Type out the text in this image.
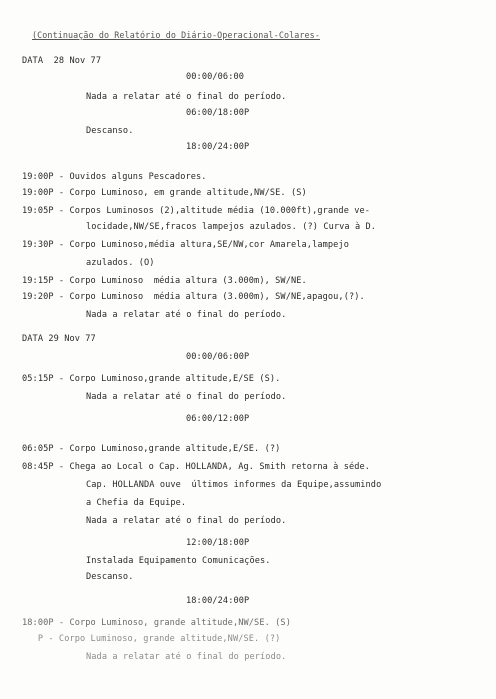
(Continuação do Relatório do Diário-Operacional-Colares-
DATA  28 Nov 77
00:00/06:00
Nada a relatar até o final do período.
06:00/18:00P
Descanso.
18:00/24:00P
19:00P - Ouvidos alguns Pescadores.
19:00P - Corpo Luminoso, em grande altitude,NW/SE. (S)
19:05P - Corpos Luminosos (2),altitude média (10.000ft),grande ve-
locidade,NW/SE,fracos lampejos azulados. (?) Curva à D.
19:30P - Corpo Luminoso,média altura,SE/NW,cor Amarela,lampejo
azulados. (O)
19:15P - Corpo Luminoso  média altura (3.000m), SW/NE.
19:20P - Corpo Luminoso  média altura (3.000m), SW/NE,apagou,(?).
Nada a relatar até o final do período.
DATA 29 Nov 77
00:00/06:00P
05:15P - Corpo Luminoso,grande altitude,E/SE (S).
Nada a relatar até o final do período.
06:00/12:00P
06:05P - Corpo Luminoso,grande altitude,E/SE. (?)
08:45P - Chega ao Local o Cap. HOLLANDA, Ag. Smith retorna à séde.
Cap. HOLLANDA ouve  últimos informes da Equipe,assumindo
a Chefia da Equipe.
Nada a relatar até o final do período.
12:00/18:00P
Instalada Equipamento Comunicações.
Descanso.
18:00/24:00P
18:00P - Corpo Luminoso, grande altitude,NW/SE. (S)
P - Corpo Luminoso, grande altitude,NW/SE. (?)
Nada a relatar até o final do período.
